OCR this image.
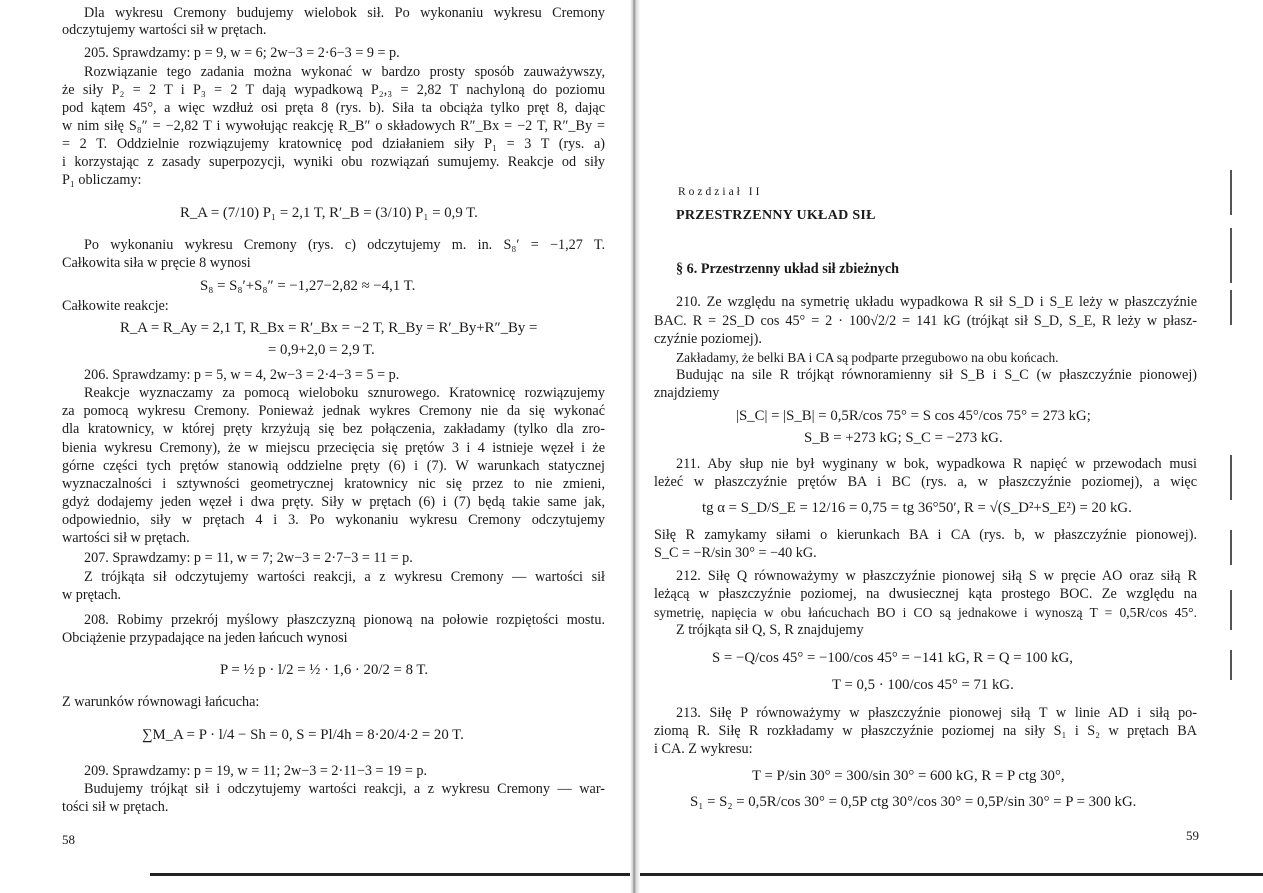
Dla wykresu Cremony budujemy wielobok sił. Po wykonaniu wykresu Cremony
odczytujemy wartości sił w prętach.
205. Sprawdzamy: p = 9, w = 6; 2w−3 = 2·6−3 = 9 = p.
Rozwiązanie tego zadania można wykonać w bardzo prosty sposób zauważywszy,
że siły P₂ = 2 T i P₃ = 2 T dają wypadkową P₂,₃ = 2,82 T nachyloną do poziomu
pod kątem 45°, a więc wzdłuż osi pręta 8 (rys. b). Siła ta obciąża tylko pręt 8, dając
w nim siłę S₈″ = −2,82 T i wywołując reakcję R_B″ o składowych R″_Bx = −2 T, R″_By =
= 2 T. Oddzielnie rozwiązujemy kratownicę pod działaniem siły P₁ = 3 T (rys. a)
i korzystając z zasady superpozycji, wyniki obu rozwiązań sumujemy. Reakcje od siły
P₁ obliczamy:
R_A = (7/10) P₁ = 2,1 T, R′_B = (3/10) P₁ = 0,9 T.
Po wykonaniu wykresu Cremony (rys. c) odczytujemy m. in. S₈′ = −1,27 T.
Całkowita siła w pręcie 8 wynosi
S₈ = S₈′+S₈″ = −1,27−2,82 ≈ −4,1 T.
Całkowite reakcje:
R_A = R_Ay = 2,1 T, R_Bx = R′_Bx = −2 T, R_By = R′_By+R″_By =
= 0,9+2,0 = 2,9 T.
206. Sprawdzamy: p = 5, w = 4, 2w−3 = 2·4−3 = 5 = p.
Reakcje wyznaczamy za pomocą wieloboku sznurowego. Kratownicę rozwiązujemy
za pomocą wykresu Cremony. Ponieważ jednak wykres Cremony nie da się wykonać
dla kratownicy, w której pręty krzyżują się bez połączenia, zakładamy (tylko dla zro-
bienia wykresu Cremony), że w miejscu przecięcia się prętów 3 i 4 istnieje węzeł i że
górne części tych prętów stanowią oddzielne pręty (6) i (7). W warunkach statycznej
wyznaczalności i sztywności geometrycznej kratownicy nic się przez to nie zmieni,
gdyż dodajemy jeden węzeł i dwa pręty. Siły w prętach (6) i (7) będą takie same jak,
odpowiednio, siły w prętach 4 i 3. Po wykonaniu wykresu Cremony odczytujemy
wartości sił w prętach.
207. Sprawdzamy: p = 11, w = 7; 2w−3 = 2·7−3 = 11 = p.
Z trójkąta sił odczytujemy wartości reakcji, a z wykresu Cremony — wartości sił
w prętach.
208. Robimy przekrój myślowy płaszczyzną pionową na połowie rozpiętości mostu.
Obciążenie przypadające na jeden łańcuch wynosi
P = ½ p · l/2 = ½ · 1,6 · 20/2 = 8 T.
Z warunków równowagi łańcucha:
∑M_A = P · l/4 − Sh = 0, S = Pl/4h = 8·20/4·2 = 20 T.
209. Sprawdzamy: p = 19, w = 11; 2w−3 = 2·11−3 = 19 = p.
Budujemy trójkąt sił i odczytujemy wartości reakcji, a z wykresu Cremony — war-
tości sił w prętach.
58
Rozdział II
PRZESTRZENNY UKŁAD SIŁ
§ 6. Przestrzenny układ sił zbieżnych
210. Ze względu na symetrię układu wypadkowa R sił S_D i S_E leży w płaszczyźnie
BAC. R = 2S_D cos 45° = 2 · 100√2/2 = 141 kG (trójkąt sił S_D, S_E, R leży w płasz-
czyźnie poziomej).
Zakładamy, że belki BA i CA są podparte przegubowo na obu końcach.
Budując na sile R trójkąt równoramienny sił S_B i S_C (w płaszczyźnie pionowej)
znajdziemy
|S_C| = |S_B| = 0,5R/cos 75° = S cos 45°/cos 75° = 273 kG;
S_B = +273 kG; S_C = −273 kG.
211. Aby słup nie był wyginany w bok, wypadkowa R napięć w przewodach musi
leżeć w płaszczyźnie prętów BA i BC (rys. a, w płaszczyźnie poziomej), a więc
tg α = S_D/S_E = 12/16 = 0,75 = tg 36°50′, R = √(S_D²+S_E²) = 20 kG.
Siłę R zamykamy siłami o kierunkach BA i CA (rys. b, w płaszczyźnie pionowej).
S_C = −R/sin 30° = −40 kG.
212. Siłę Q równoważymy w płaszczyźnie pionowej siłą S w pręcie AO oraz siłą R
leżącą w płaszczyźnie poziomej, na dwusiecznej kąta prostego BOC. Ze względu na
symetrię, napięcia w obu łańcuchach BO i CO są jednakowe i wynoszą T = 0,5R/cos 45°.
Z trójkąta sił Q, S, R znajdujemy
S = −Q/cos 45° = −100/cos 45° = −141 kG, R = Q = 100 kG,
T = 0,5 · 100/cos 45° = 71 kG.
213. Siłę P równoważymy w płaszczyźnie pionowej siłą T w linie AD i siłą po-
ziomą R. Siłę R rozkładamy w płaszczyźnie poziomej na siły S₁ i S₂ w prętach BA
i CA. Z wykresu:
T = P/sin 30° = 300/sin 30° = 600 kG, R = P ctg 30°,
S₁ = S₂ = 0,5R/cos 30° = 0,5P ctg 30°/cos 30° = 0,5P/sin 30° = P = 300 kG.
59
